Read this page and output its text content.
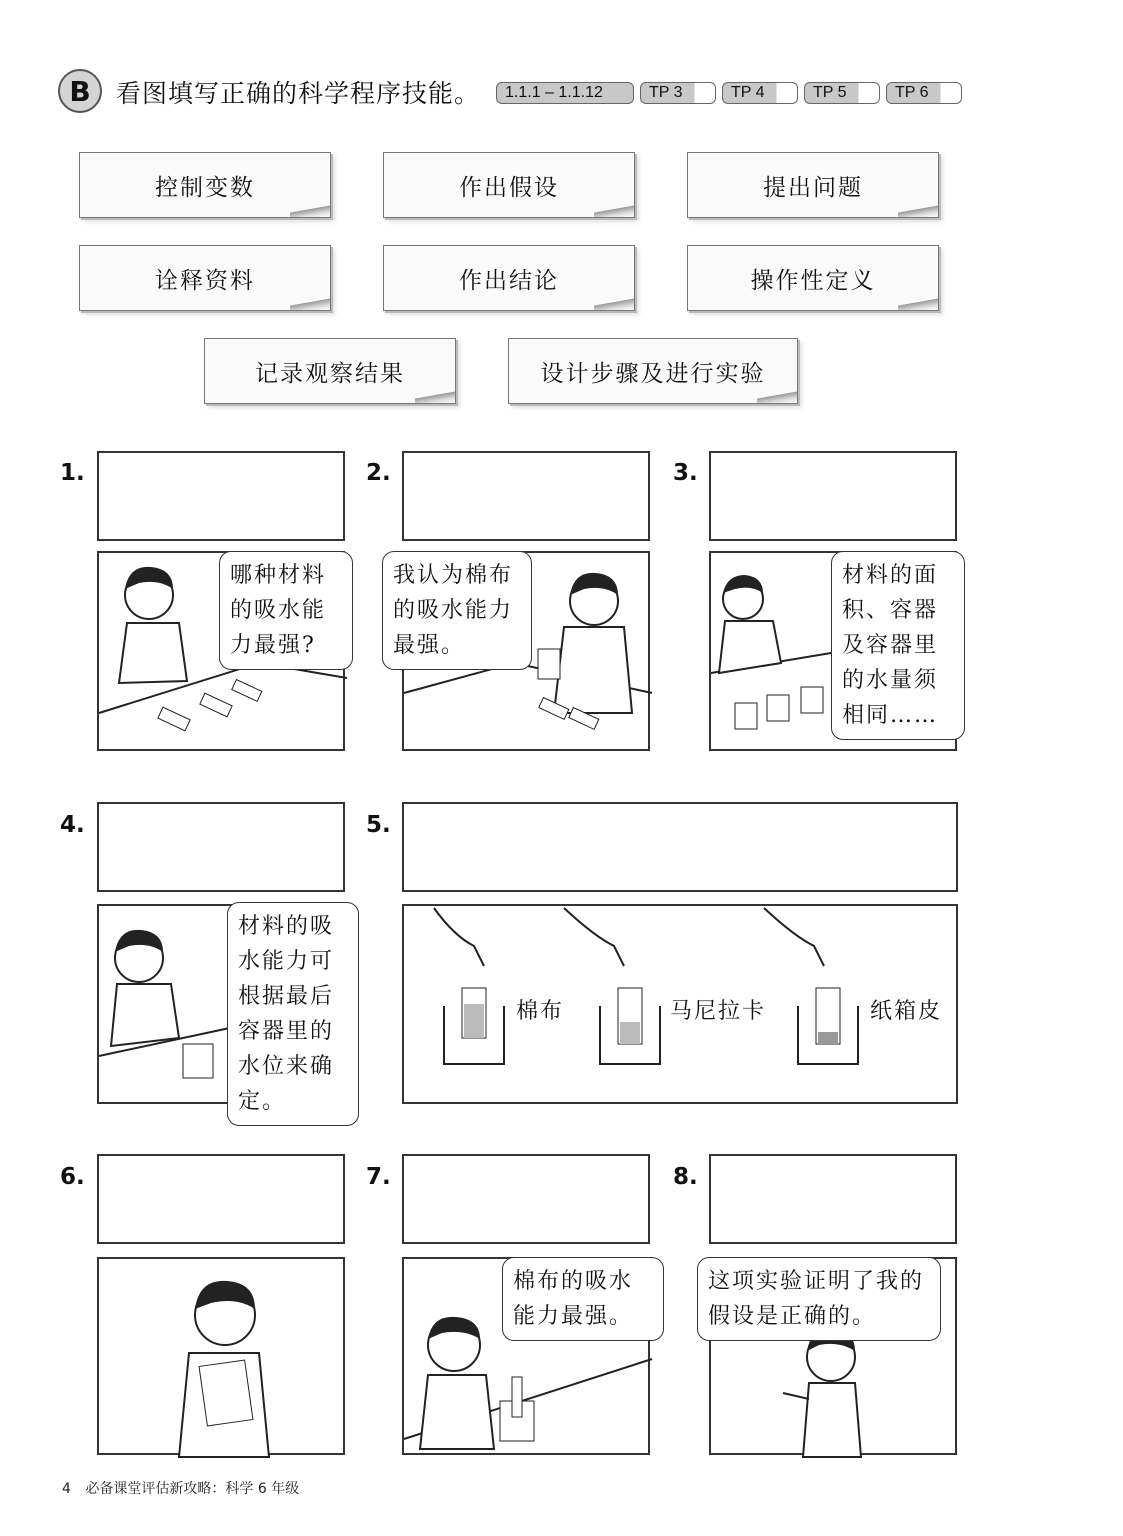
B	看图填写正确的科学程序技能。	1.1.1 – 1.1.12	TP 3	TP 4	TP 5	TP 6
控制变数	作出假设	提出问题
诠释资料	作出结论	操作性定义
记录观察结果	设计步骤及进行实验
1.
哪种材料的吸水能力最强?
2.
我认为棉布的吸水能力最强。
3.
材料的面积、容器及容器里的水量须相同……
4.
材料的吸水能力可根据最后容器里的水位来确定。
5.
棉布	马尼拉卡	纸箱皮
6.	7.
棉布的吸水能力最强。
8.
这项实验证明了我的假设是正确的。
4 必备课堂评估新攻略：科学 6 年级
